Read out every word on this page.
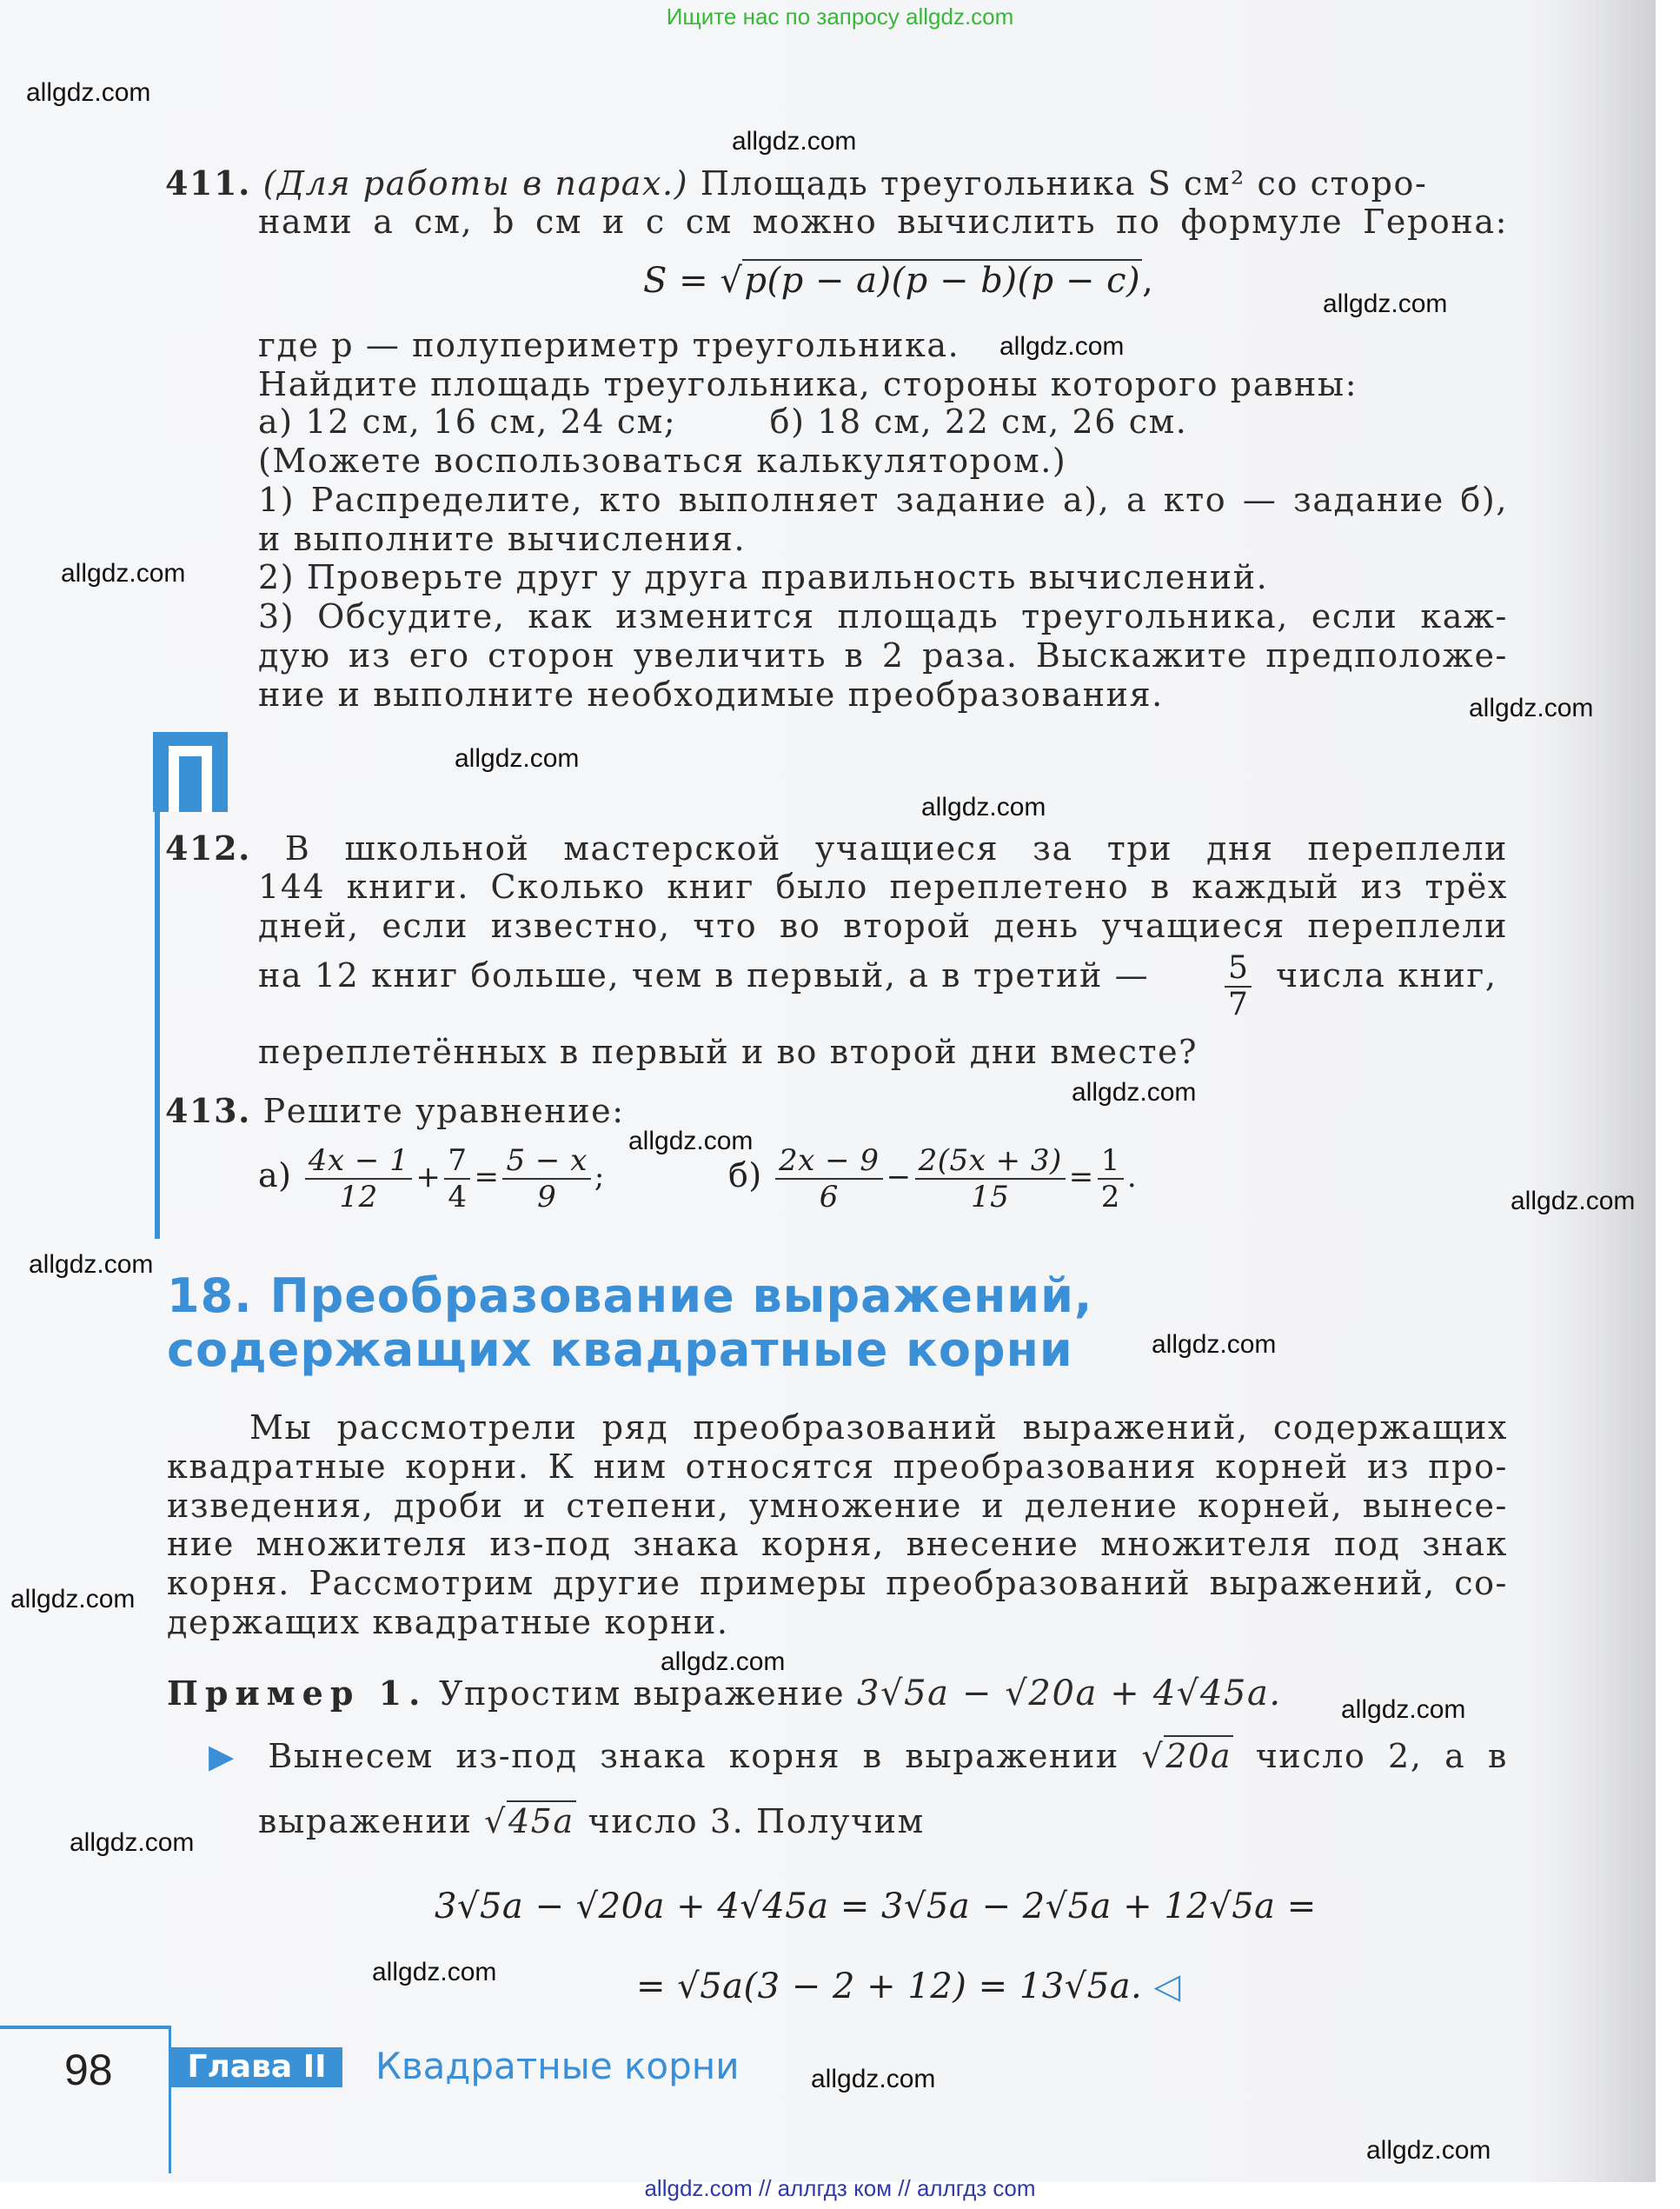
Ищите нас по запросу allgdz.com
allgdz.com
allgdz.com
allgdz.com
allgdz.com
allgdz.com
allgdz.com
allgdz.com
allgdz.com
allgdz.com
allgdz.com
allgdz.com
allgdz.com
allgdz.com
allgdz.com
allgdz.com
allgdz.com
allgdz.com
allgdz.com
allgdz.com
allgdz.com
411. (Для работы в парах.) Площадь треугольника S см² со сторо-
нами a см, b см и c см можно вычислить по формуле Герона:
S = √p(p − a)(p − b)(p − c),
где p — полупериметр треугольника.
Найдите площадь треугольника, стороны которого равны:
а) 12 см, 16 см, 24 см;	б) 18 см, 22 см, 26 см.
(Можете воспользоваться калькулятором.)
1) Распределите, кто выполняет задание а), а кто — задание б),
и выполните вычисления.
2) Проверьте друг у друга правильность вычислений.
3) Обсудите, как изменится площадь треугольника, если каж-
дую из его сторон увеличить в 2 раза. Выскажите предположе-
ние и выполните необходимые преобразования.
412. В школьной мастерской учащиеся за три дня переплели
144 книги. Сколько книг было переплетено в каждый из трёх
дней, если известно, что во второй день учащиеся переплели
на 12 книг больше, чем в первый, а в третий —	$\frac{5}{7}$ числа книг,
переплетённых в первый и во второй дни вместе?
413. Решите уравнение:
$а) \frac{4x - 1}{12} + \frac{7}{4} = \frac{5 - x}{9}$ ;	$б) \frac{2x - 9}{6} - \frac{2(5x + 3)}{15} = \frac{1}{2}$ .
18. Преобразование выражений,
содержащих квадратные корни
Мы рассмотрели ряд преобразований выражений, содержащих
квадратные корни. К ним относятся преобразования корней из про-
изведения, дроби и степени, умножение и деление корней, вынесе-
ние множителя из-под знака корня, внесение множителя под знак
корня. Рассмотрим другие примеры преобразований выражений, со-
держащих квадратные корни.
Пример 1. Упростим выражение 3√5a − √20a + 4√45a.
▶ Вынесем из-под знака корня в выражении √20a число 2, а в
выражении √45a число 3. Получим
3√5a − √20a + 4√45a = 3√5a − 2√5a + 12√5a =
= √5a(3 − 2 + 12) = 13√5a. ◁
98	Глава II	Квадратные корни
allgdz.com // аллгдз ком // аллгдз com
